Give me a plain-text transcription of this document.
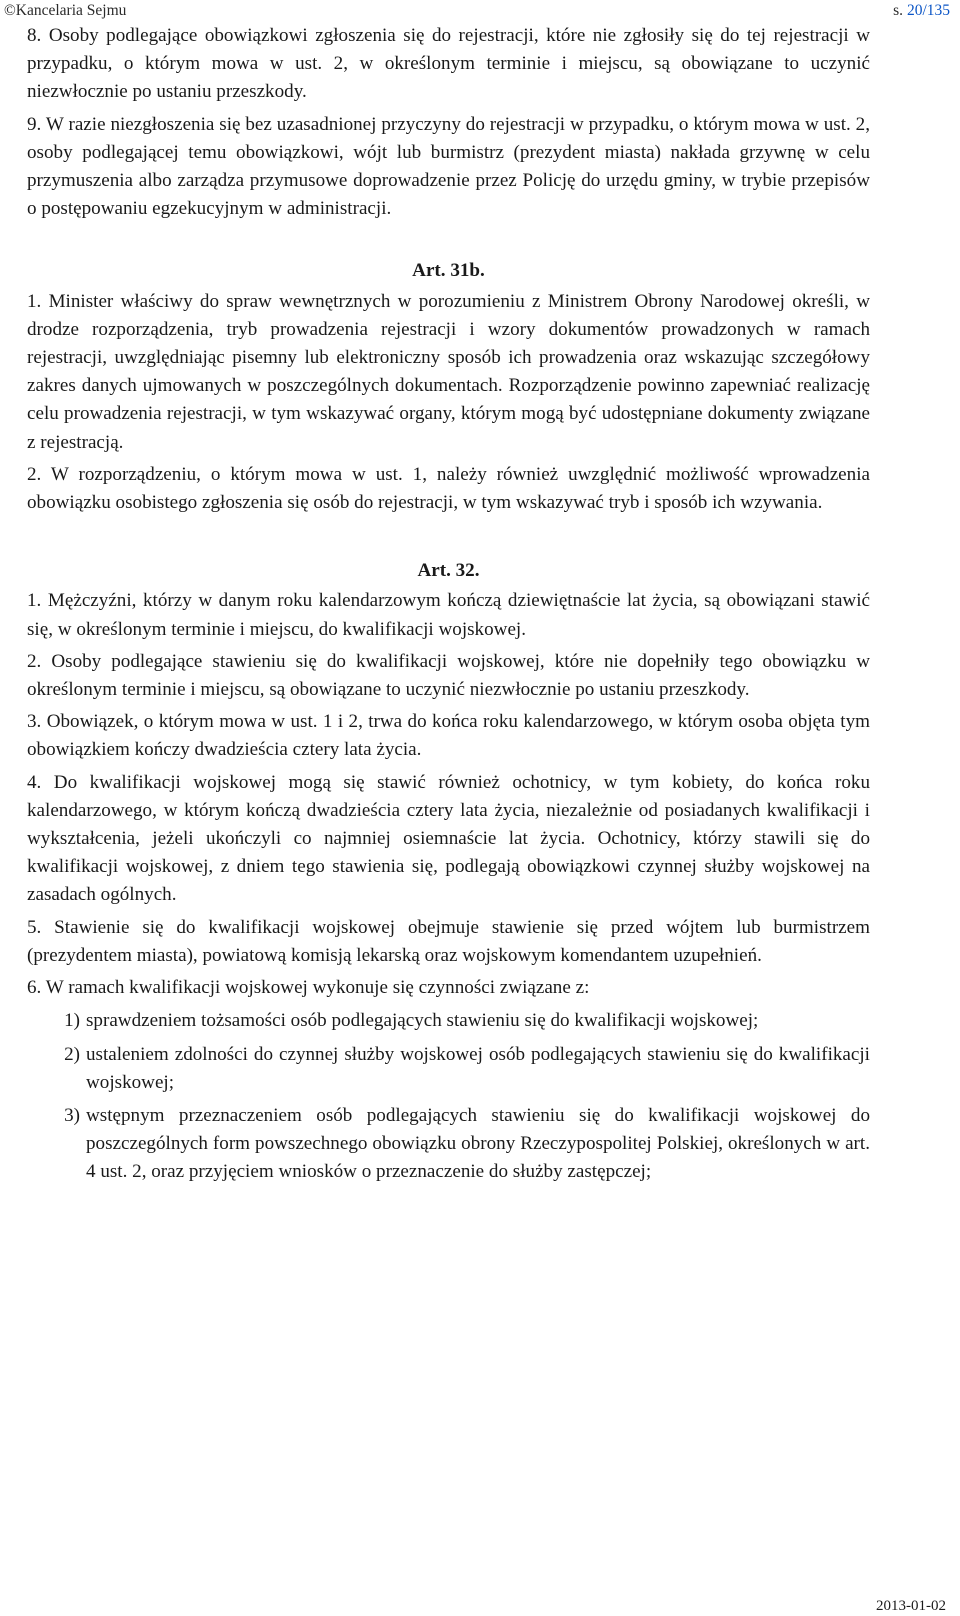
©Kancelaria Sejmu	s. 20/135

8. Osoby podlegające obowiązkowi zgłoszenia się do rejestracji, które nie zgłosiły się do tej rejestracji w przypadku, o którym mowa w ust. 2, w określonym terminie i miejscu, są obowiązane to uczynić niezwłocznie po ustaniu przeszkody.

9. W razie niezgłoszenia się bez uzasadnionej przyczyny do rejestracji w przypadku, o którym mowa w ust. 2, osoby podlegającej temu obowiązkowi, wójt lub burmistrz (prezydent miasta) nakłada grzywnę w celu przymuszenia albo zarządza przymusowe doprowadzenie przez Policję do urzędu gminy, w trybie przepisów o postępowaniu egzekucyjnym w administracji.

Art. 31b.

1. Minister właściwy do spraw wewnętrznych w porozumieniu z Ministrem Obrony Narodowej określi, w drodze rozporządzenia, tryb prowadzenia rejestracji i wzory dokumentów prowadzonych w ramach rejestracji, uwzględniając pisemny lub elektroniczny sposób ich prowadzenia oraz wskazując szczegółowy zakres danych ujmowanych w poszczególnych dokumentach. Rozporządzenie powinno zapewniać realizację celu prowadzenia rejestracji, w tym wskazywać organy, którym mogą być udostępniane dokumenty związane z rejestracją.

2. W rozporządzeniu, o którym mowa w ust. 1, należy również uwzględnić możliwość wprowadzenia obowiązku osobistego zgłoszenia się osób do rejestracji, w tym wskazywać tryb i sposób ich wzywania.

Art. 32.

1. Mężczyźni, którzy w danym roku kalendarzowym kończą dziewiętnaście lat życia, są obowiązani stawić się, w określonym terminie i miejscu, do kwalifikacji wojskowej.

2. Osoby podlegające stawieniu się do kwalifikacji wojskowej, które nie dopełniły tego obowiązku w określonym terminie i miejscu, są obowiązane to uczynić niezwłocznie po ustaniu przeszkody.

3. Obowiązek, o którym mowa w ust. 1 i 2, trwa do końca roku kalendarzowego, w którym osoba objęta tym obowiązkiem kończy dwadzieścia cztery lata życia.

4. Do kwalifikacji wojskowej mogą się stawić również ochotnicy, w tym kobiety, do końca roku kalendarzowego, w którym kończą dwadzieścia cztery lata życia, niezależnie od posiadanych kwalifikacji i wykształcenia, jeżeli ukończyli co najmniej osiemnaście lat życia. Ochotnicy, którzy stawili się do kwalifikacji wojskowej, z dniem tego stawienia się, podlegają obowiązkowi czynnej służby wojskowej na zasadach ogólnych.

5. Stawienie się do kwalifikacji wojskowej obejmuje stawienie się przed wójtem lub burmistrzem (prezydentem miasta), powiatową komisją lekarską oraz wojskowym komendantem uzupełnień.

6. W ramach kwalifikacji wojskowej wykonuje się czynności związane z:

1) sprawdzeniem tożsamości osób podlegających stawieniu się do kwalifikacji wojskowej;
2) ustaleniem zdolności do czynnej służby wojskowej osób podlegających stawieniu się do kwalifikacji wojskowej;
3) wstępnym przeznaczeniem osób podlegających stawieniu się do kwalifikacji wojskowej do poszczególnych form powszechnego obowiązku obrony Rzeczypospolitej Polskiej, określonych w art. 4 ust. 2, oraz przyjęciem wniosków o przeznaczenie do służby zastępczej;
2013-01-02
